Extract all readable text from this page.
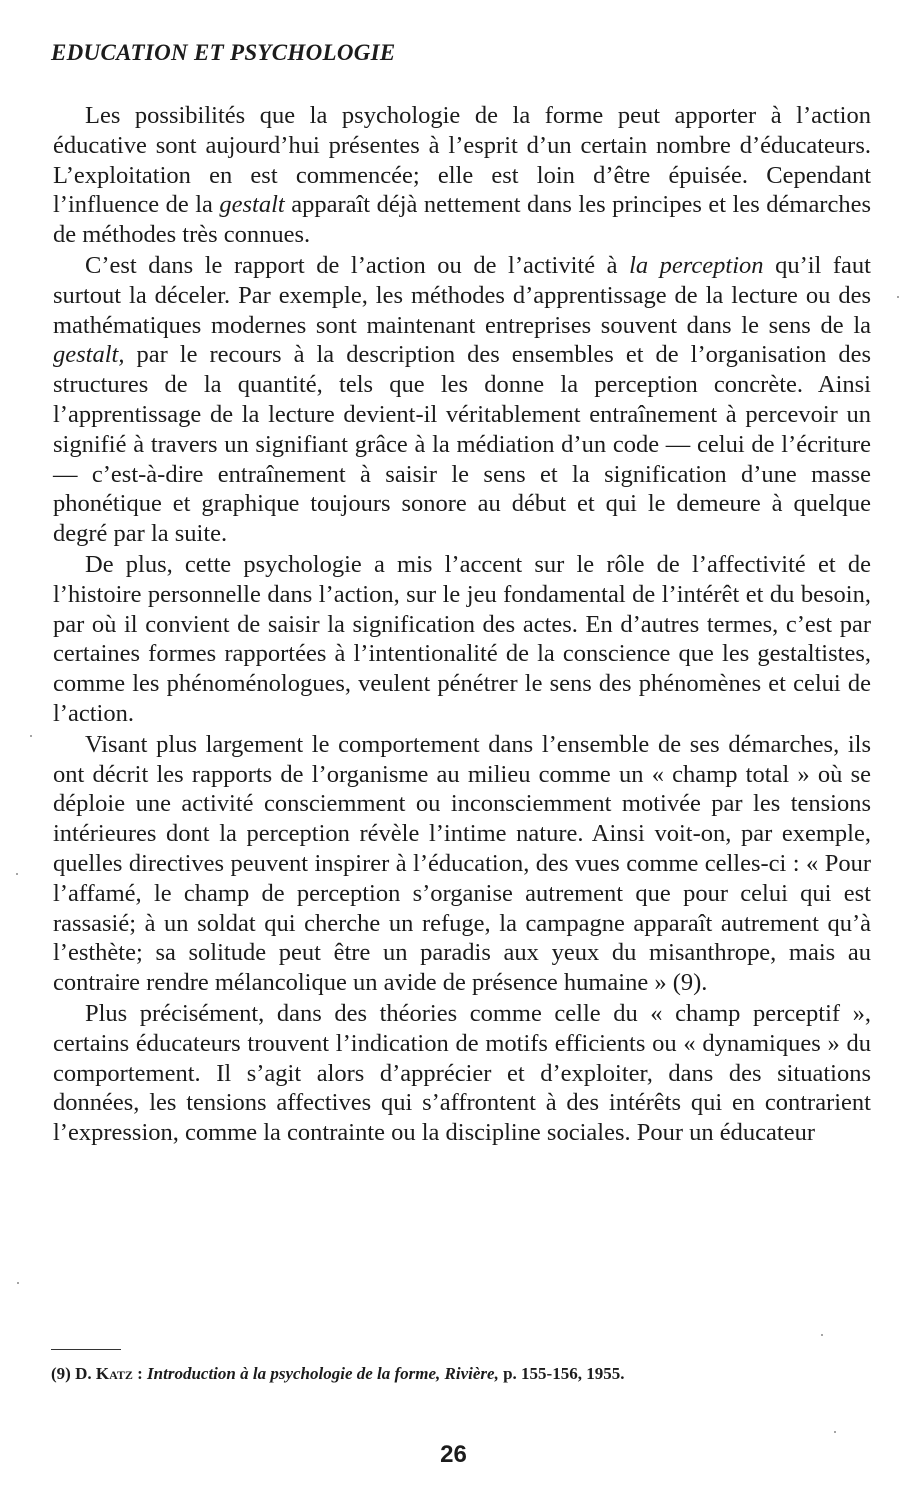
EDUCATION ET PSYCHOLOGIE

Les possibilités que la psychologie de la forme peut apporter à l’action éducative sont aujourd’hui présentes à l’esprit d’un certain nombre d’éducateurs. L’exploitation en est commencée; elle est loin d’être épuisée. Cependant l’influence de la gestalt apparaît déjà nettement dans les principes et les démarches de méthodes très connues.

C’est dans le rapport de l’action ou de l’activité à la perception qu’il faut surtout la déceler. Par exemple, les méthodes d’apprentissage de la lecture ou des mathématiques modernes sont maintenant entreprises souvent dans le sens de la gestalt, par le recours à la description des ensembles et de l’organisation des structures de la quantité, tels que les donne la perception concrète. Ainsi l’apprentissage de la lecture devient-il véritablement entraînement à percevoir un signifié à travers un signifiant grâce à la médiation d’un code — celui de l’écriture — c’est-à-dire entraînement à saisir le sens et la signification d’une masse phonétique et graphique toujours sonore au début et qui le demeure à quelque degré par la suite.

De plus, cette psychologie a mis l’accent sur le rôle de l’affectivité et de l’histoire personnelle dans l’action, sur le jeu fondamental de l’intérêt et du besoin, par où il convient de saisir la signification des actes. En d’autres termes, c’est par certaines formes rapportées à l’intentionalité de la conscience que les gestaltistes, comme les phénoménologues, veulent pénétrer le sens des phénomènes et celui de l’action.

Visant plus largement le comportement dans l’ensemble de ses démarches, ils ont décrit les rapports de l’organisme au milieu comme un « champ total » où se déploie une activité consciemment ou inconsciemment motivée par les tensions intérieures dont la perception révèle l’intime nature. Ainsi voit-on, par exemple, quelles directives peuvent inspirer à l’éducation, des vues comme celles-ci : « Pour l’affamé, le champ de perception s’organise autrement que pour celui qui est rassasié; à un soldat qui cherche un refuge, la campagne apparaît autrement qu’à l’esthète; sa solitude peut être un paradis aux yeux du misanthrope, mais au contraire rendre mélancolique un avide de présence humaine » (9).

Plus précisément, dans des théories comme celle du « champ perceptif », certains éducateurs trouvent l’indication de motifs efficients ou « dynamiques » du comportement. Il s’agit alors d’apprécier et d’exploiter, dans des situations données, les tensions affectives qui s’affrontent à des intérêts qui en contrarient l’expression, comme la contrainte ou la discipline sociales. Pour un éducateur

(9) D. Katz : Introduction à la psychologie de la forme, Rivière, p. 155-156, 1955.
26
